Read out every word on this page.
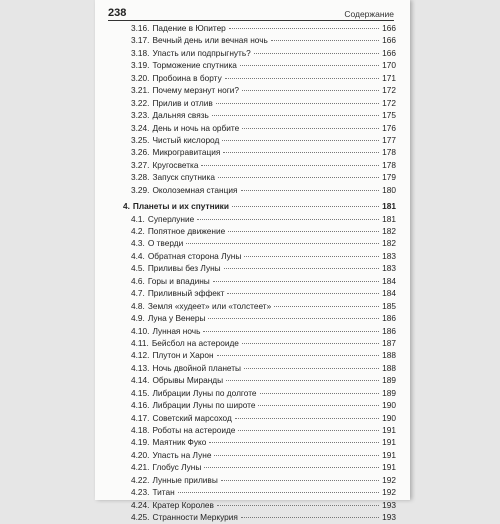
238	Содержание
3.16. Падение в Юпитер	166
3.17. Вечный день или вечная ночь	166
3.18. Упасть или подпрыгнуть?	166
3.19. Торможение спутника	170
3.20. Пробоина в борту	171
3.21. Почему мерзнут ноги?	172
3.22. Прилив и отлив	172
3.23. Дальняя связь	175
3.24. День и ночь на орбите	176
3.25. Чистый кислород	177
3.26. Микрогравитация	178
3.27. Кругосветка	178
3.28. Запуск спутника	179
3.29. Околоземная станция	180
4. Планеты и их спутники	181
4.1. Суперлуние	181
4.2. Попятное движение	182
4.3. О тверди	182
4.4. Обратная сторона Луны	183
4.5. Приливы без Луны	183
4.6. Горы и впадины	184
4.7. Приливный эффект	184
4.8. Земля «худеет» или «толстеет»	185
4.9. Луна у Венеры	186
4.10. Лунная ночь	186
4.11. Бейсбол на астероиде	187
4.12. Плутон и Харон	188
4.13. Ночь двойной планеты	188
4.14. Обрывы Миранды	189
4.15. Либрации Луны по долготе	189
4.16. Либрации Луны по широте	190
4.17. Советский марсоход	190
4.18. Роботы на астероиде	191
4.19. Маятник Фуко	191
4.20. Упасть на Луне	191
4.21. Глобус Луны	191
4.22. Лунные приливы	192
4.23. Титан	192
4.24. Кратер Королев	193
4.25. Странности Меркурия	193
